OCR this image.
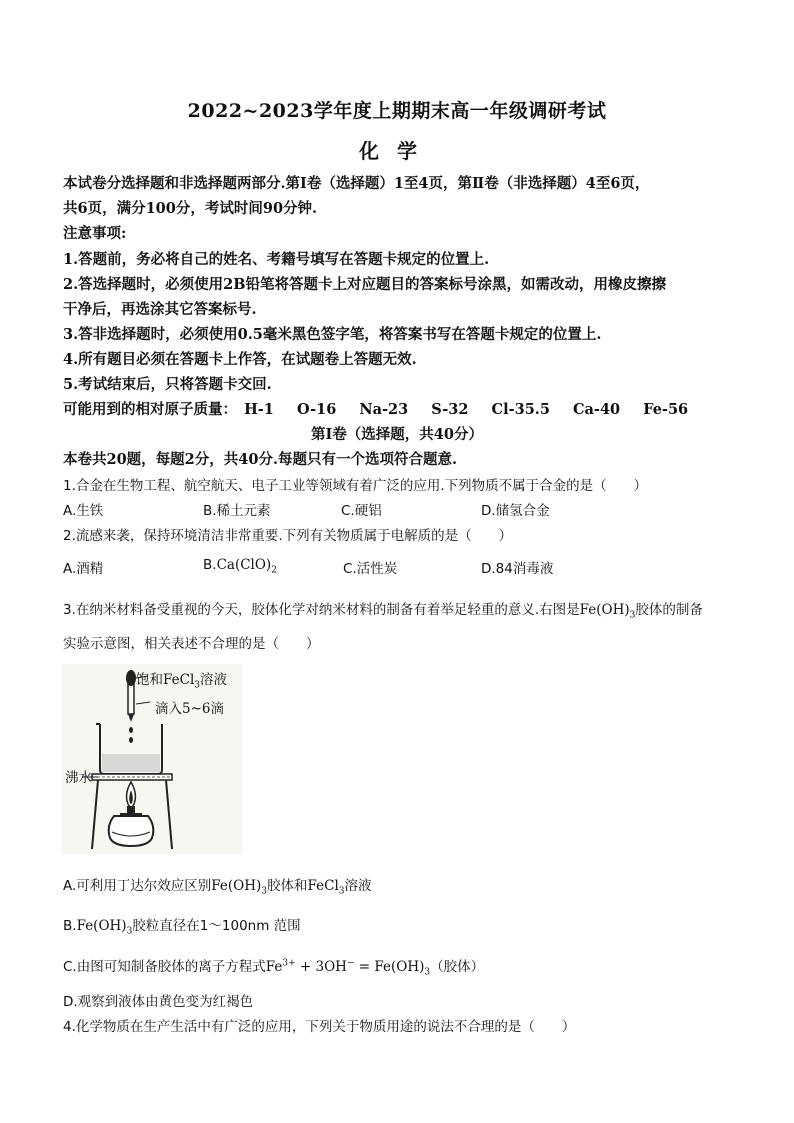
2022~2023学年度上期期末高一年级调研考试
化学
本试卷分选择题和非选择题两部分.第Ⅰ卷（选择题）1至4页，第Ⅱ卷（非选择题）4至6页，
共6页，满分100分，考试时间90分钟.
注意事项:
1.答题前，务必将自己的姓名、考籍号填写在答题卡规定的位置上.
2.答选择题时，必须使用2B铅笔将答题卡上对应题目的答案标号涂黑，如需改动，用橡皮擦擦
干净后，再选涂其它答案标号.
3.答非选择题时，必须使用0.5毫米黑色签字笔，将答案书写在答题卡规定的位置上.
4.所有题目必须在答题卡上作答，在试题卷上答题无效.
5.考试结束后，只将答题卡交回.
可能用到的相对原子质量： H-1 O-16 Na-23 S-32 Cl-35.5 Ca-40 Fe-56
第Ⅰ卷（选择题，共40分）
本卷共20题，每题2分，共40分.每题只有一个选项符合题意.
1.合金在生物工程、航空航天、电子工业等领域有着广泛的应用.下列物质不属于合金的是（　　）
A.生铁	B.稀土元素	C.硬铝	D.储氢合金
2.流感来袭，保持环境清洁非常重要.下列有关物质属于电解质的是（　　）
A.酒精	$B.Ca(ClO)_2$	C.活性炭	D.84消毒液
3.在纳米材料备受重视的今天，胶体化学对纳米材料的制备有着举足轻重的意义.右图是$Fe(OH)_3$胶体的制备
实验示意图，相关表述不合理的是（　　）
饱和FeCl$_3$溶液
滴入5~6滴
沸水
A.可利用丁达尔效应区别$Fe(OH)_3$胶体和FeCl$_3$溶液
$B.Fe(OH)_3$胶粒直径在1～100nm 范围
C.由图可知制备胶体的离子方程式$Fe^{3+} + 3OH^- = Fe(OH)_3$（胶体）
D.观察到液体由黄色变为红褐色
4.化学物质在生产生活中有广泛的应用，下列关于物质用途的说法不合理的是（　　）
